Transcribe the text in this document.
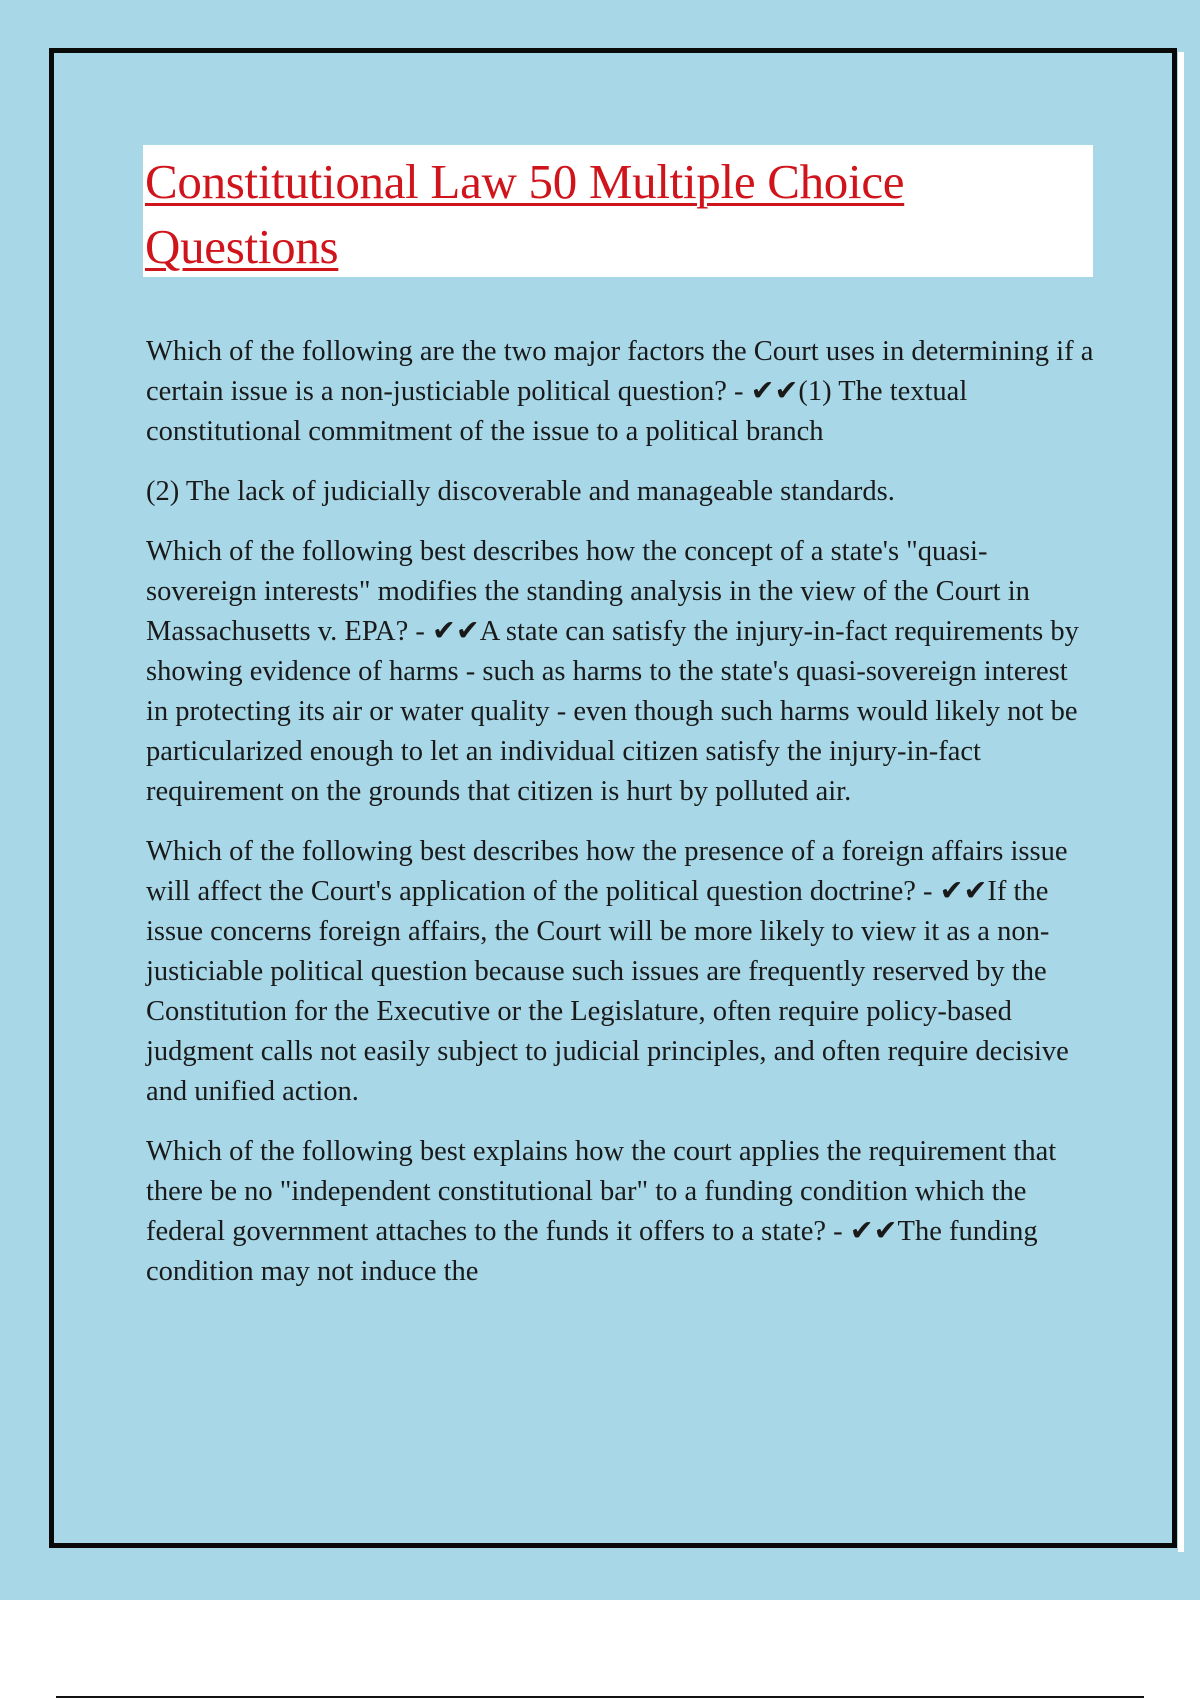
Constitutional Law 50 Multiple Choice Questions

Which of the following are the two major factors the Court uses in determining if a certain issue is a non-justiciable political question? - ✔✔(1) The textual constitutional commitment of the issue to a political branch

(2) The lack of judicially discoverable and manageable standards.

Which of the following best describes how the concept of a state's "quasi-sovereign interests" modifies the standing analysis in the view of the Court in Massachusetts v. EPA? - ✔✔A state can satisfy the injury-in-fact requirements by showing evidence of harms - such as harms to the state's quasi-sovereign interest in protecting its air or water quality - even though such harms would likely not be particularized enough to let an individual citizen satisfy the injury-in-fact requirement on the grounds that citizen is hurt by polluted air.

Which of the following best describes how the presence of a foreign affairs issue will affect the Court's application of the political question doctrine? - ✔✔If the issue concerns foreign affairs, the Court will be more likely to view it as a non-justiciable political question because such issues are frequently reserved by the Constitution for the Executive or the Legislature, often require policy-based judgment calls not easily subject to judicial principles, and often require decisive and unified action.

Which of the following best explains how the court applies the requirement that there be no "independent constitutional bar" to a funding condition which the federal government attaches to the funds it offers to a state? - ✔✔The funding condition may not induce the
